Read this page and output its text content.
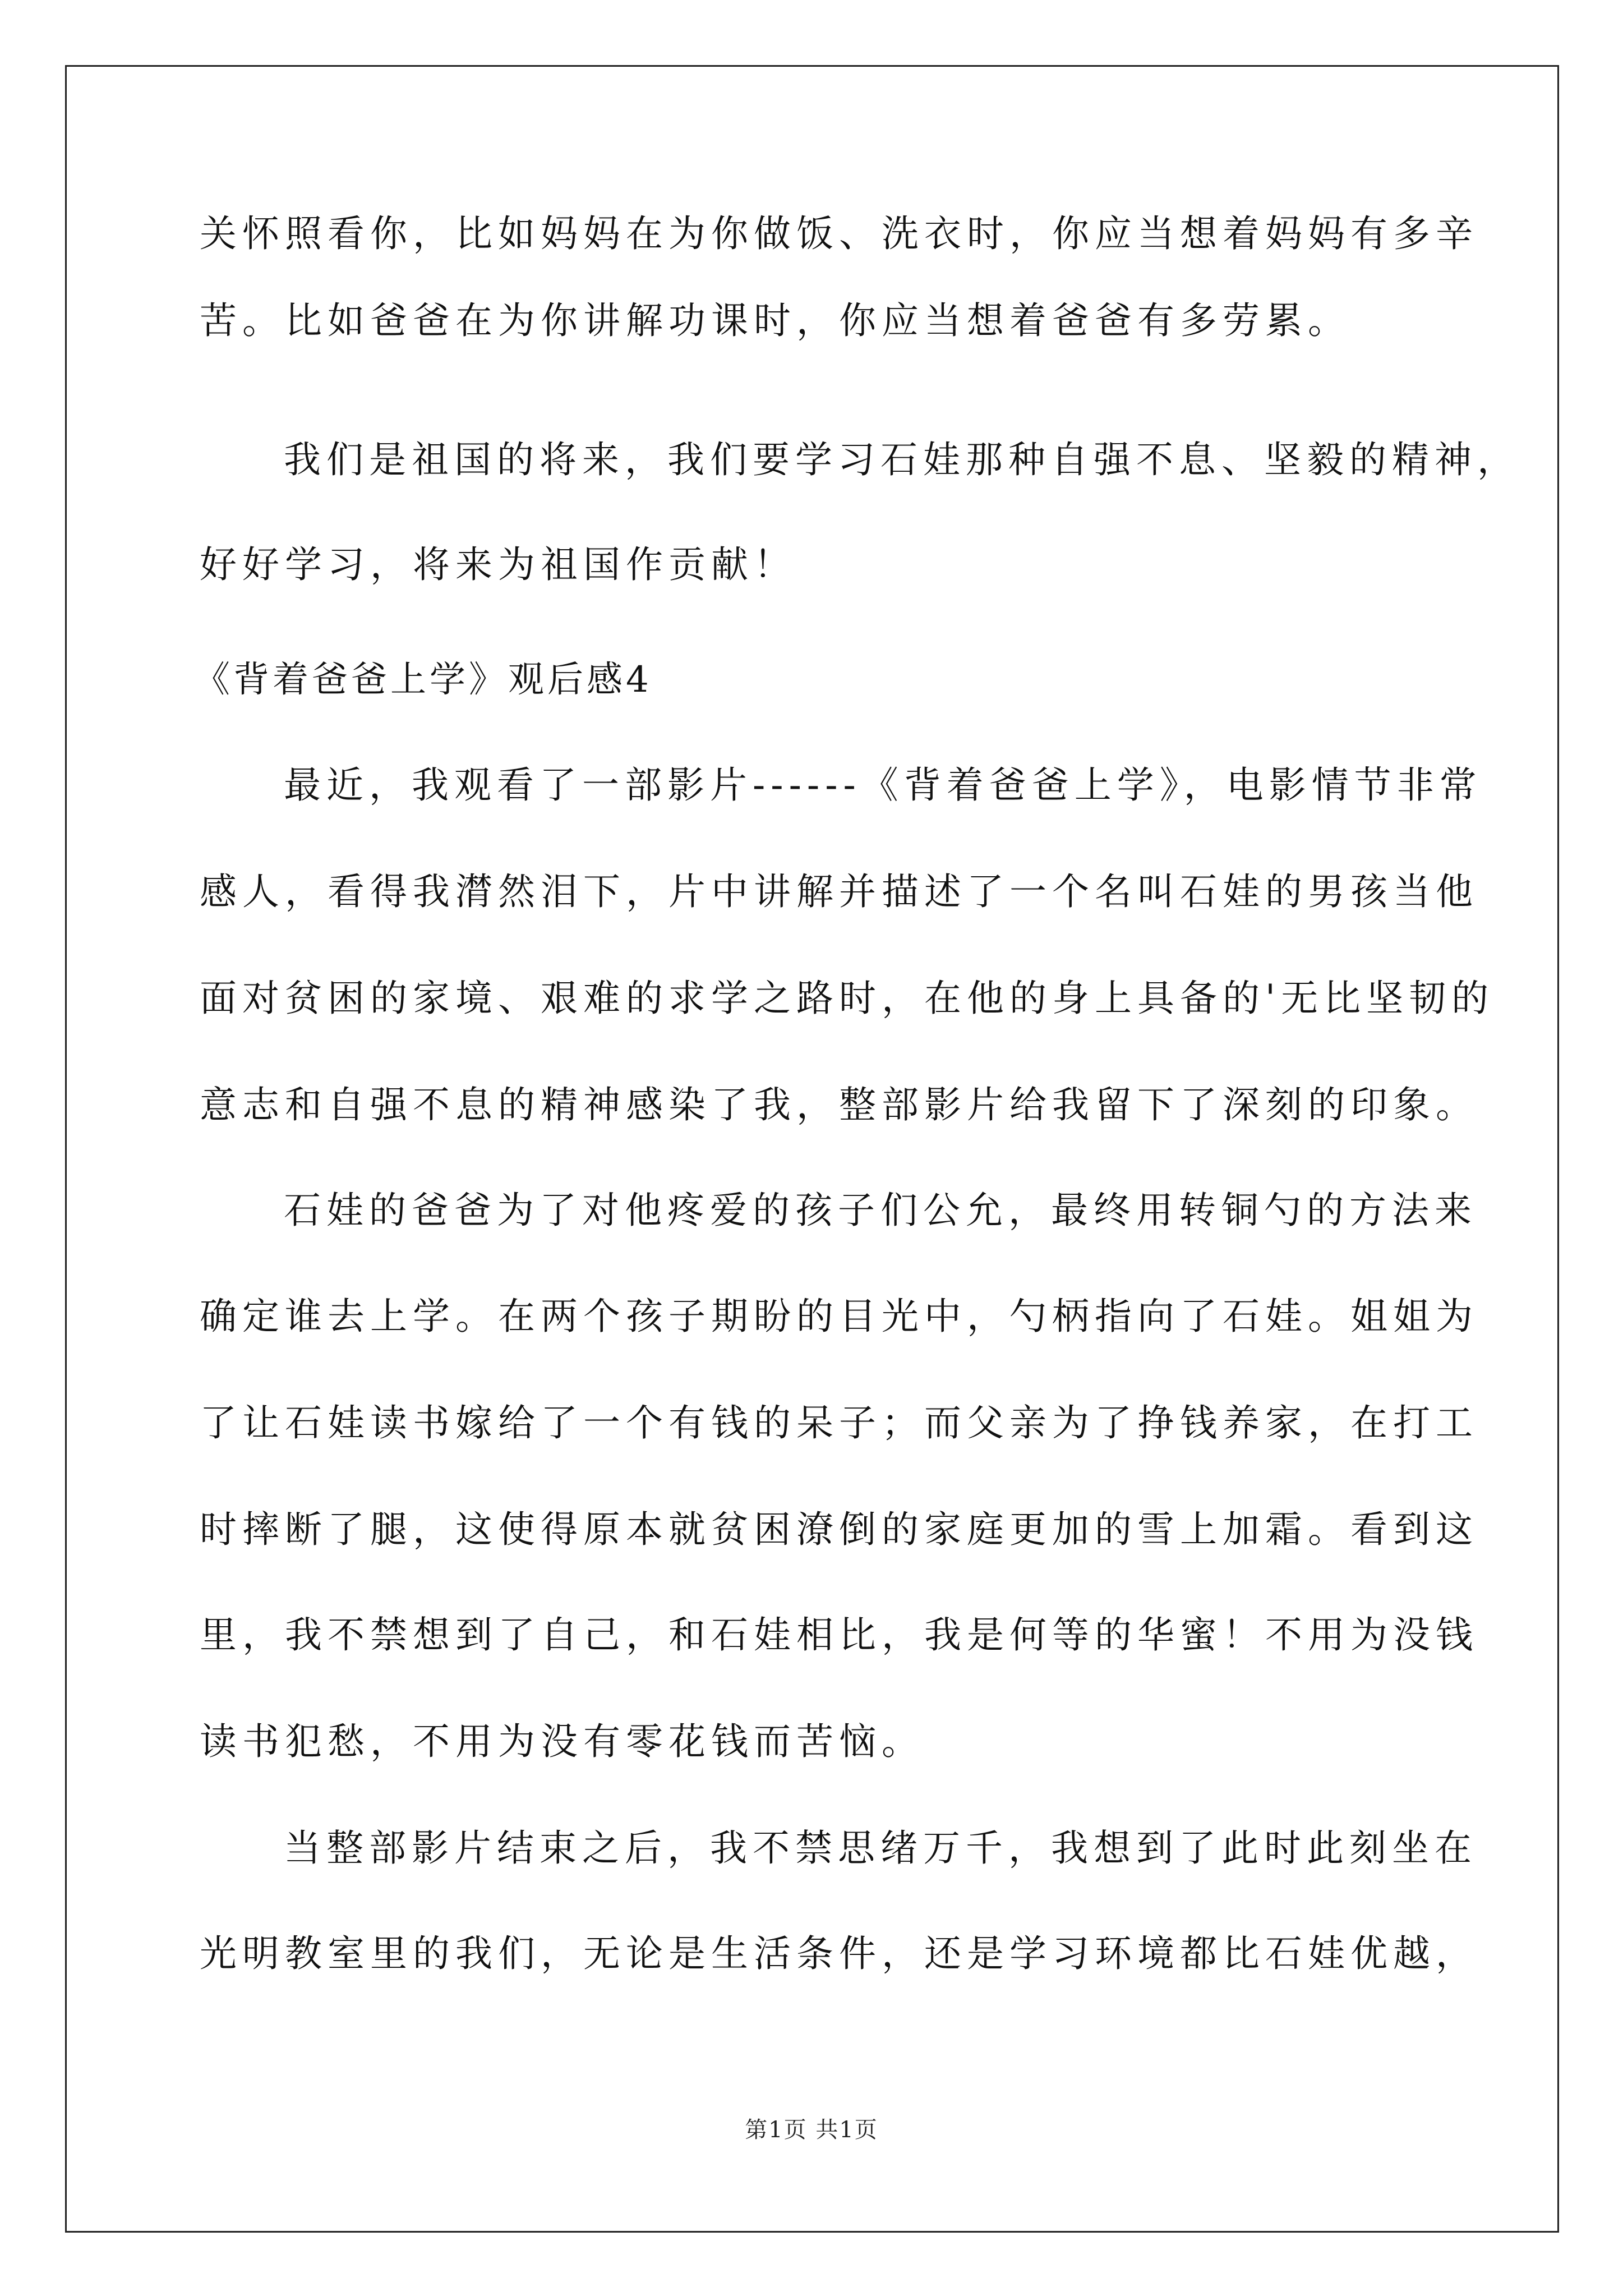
关怀照看你，比如妈妈在为你做饭、洗衣时，你应当想着妈妈有多辛
苦。比如爸爸在为你讲解功课时，你应当想着爸爸有多劳累。
我们是祖国的将来，我们要学习石娃那种自强不息、坚毅的精神，
好好学习，将来为祖国作贡献！
《背着爸爸上学》观后感4
最近，我观看了一部影片------《背着爸爸上学》，电影情节非常
感人，看得我潸然泪下，片中讲解并描述了一个名叫石娃的男孩当他
面对贫困的家境、艰难的求学之路时，在他的身上具备的'无比坚韧的
意志和自强不息的精神感染了我，整部影片给我留下了深刻的印象。
石娃的爸爸为了对他疼爱的孩子们公允，最终用转铜勺的方法来
确定谁去上学。在两个孩子期盼的目光中，勺柄指向了石娃。姐姐为
了让石娃读书嫁给了一个有钱的呆子；而父亲为了挣钱养家，在打工
时摔断了腿，这使得原本就贫困潦倒的家庭更加的雪上加霜。看到这
里，我不禁想到了自己，和石娃相比，我是何等的华蜜！不用为没钱
读书犯愁，不用为没有零花钱而苦恼。
当整部影片结束之后，我不禁思绪万千，我想到了此时此刻坐在
光明教室里的我们，无论是生活条件，还是学习环境都比石娃优越，
第1页 共1页
